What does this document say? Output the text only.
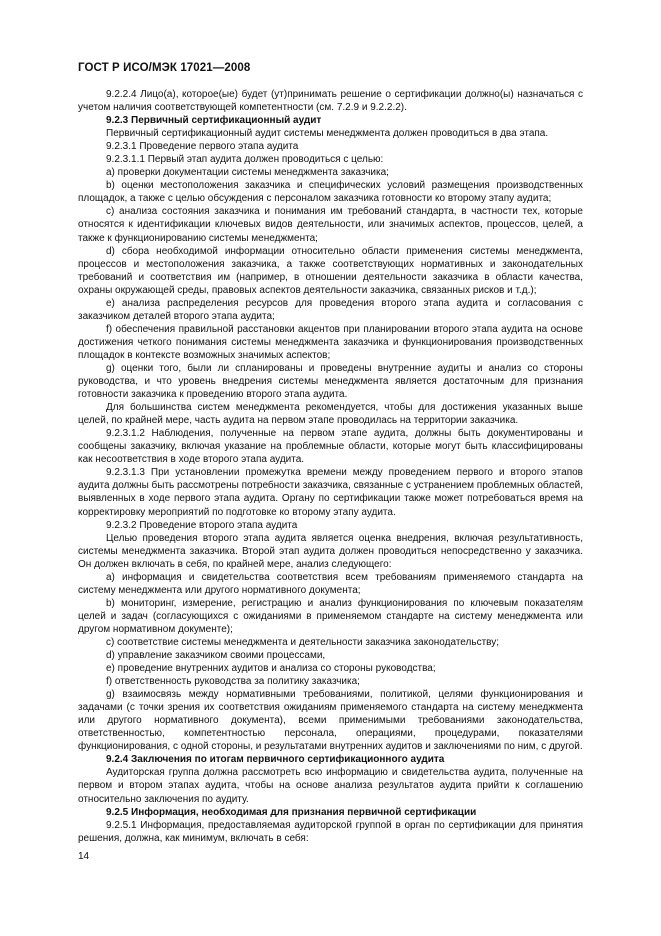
ГОСТ Р ИСО/МЭК 17021—2008

9.2.2.4 Лицо(а), которое(ые) будет (ут)принимать решение о сертификации должно(ы) назначаться с учетом наличия соответствующей компетентности (см. 7.2.9 и 9.2.2.2).

9.2.3 Первичный сертификационный аудит

Первичный сертификационный аудит системы менеджмента должен проводиться в два этапа.

9.2.3.1 Проведение первого этапа аудита

9.2.3.1.1 Первый этап аудита должен проводиться с целью:

a) проверки документации системы менеджмента заказчика;

b) оценки местоположения заказчика и специфических условий размещения производственных площадок, а также с целью обсуждения с персоналом заказчика готовности ко второму этапу аудита;

c) анализа состояния заказчика и понимания им требований стандарта, в частности тех, которые относятся к идентификации ключевых видов деятельности, или значимых аспектов, процессов, целей, а также к функционированию системы менеджмента;

d) сбора необходимой информации относительно области применения системы менеджмента, процессов и местоположения заказчика, а также соответствующих нормативных и законодательных требований и соответствия им (например, в отношении деятельности заказчика в области качества, охраны окружающей среды, правовых аспектов деятельности заказчика, связанных рисков и т.д.);

e) анализа распределения ресурсов для проведения второго этапа аудита и согласования с заказчиком деталей второго этапа аудита;

f) обеспечения правильной расстановки акцентов при планировании второго этапа аудита на основе достижения четкого понимания системы менеджмента заказчика и функционирования производственных площадок в контексте возможных значимых аспектов;

g) оценки того, были ли спланированы и проведены внутренние аудиты и анализ со стороны руководства, и что уровень внедрения системы менеджмента является достаточным для признания готовности заказчика к проведению второго этапа аудита.

Для большинства систем менеджмента рекомендуется, чтобы для достижения указанных выше целей, по крайней мере, часть аудита на первом этапе проводилась на территории заказчика.

9.2.3.1.2 Наблюдения, полученные на первом этапе аудита, должны быть документированы и сообщены заказчику, включая указание на проблемные области, которые могут быть классифицированы как несоответствия в ходе второго этапа аудита.

9.2.3.1.3 При установлении промежутка времени между проведением первого и второго этапов аудита должны быть рассмотрены потребности заказчика, связанные с устранением проблемных областей, выявленных в ходе первого этапа аудита. Органу по сертификации также может потребоваться время на корректировку мероприятий по подготовке ко второму этапу аудита.

9.2.3.2 Проведение второго этапа аудита

Целью проведения второго этапа аудита является оценка внедрения, включая результативность, системы менеджмента заказчика. Второй этап аудита должен проводиться непосредственно у заказчика. Он должен включать в себя, по крайней мере, анализ следующего:

a) информация и свидетельства соответствия всем требованиям применяемого стандарта на систему менеджмента или другого нормативного документа;

b) мониторинг, измерение, регистрацию и анализ функционирования по ключевым показателям целей и задач (согласующихся с ожиданиями в применяемом стандарте на систему менеджмента или другом нормативном документе);

c) соответствие системы менеджмента и деятельности заказчика законодательству;

d) управление заказчиком своими процессами,

e) проведение внутренних аудитов и анализа со стороны руководства;

f) ответственность руководства за политику заказчика;

g) взаимосвязь между нормативными требованиями, политикой, целями функционирования и задачами (с точки зрения их соответствия ожиданиям применяемого стандарта на систему менеджмента или другого нормативного документа), всеми применимыми требованиями законодательства, ответственностью, компетентностью персонала, операциями, процедурами, показателями функционирования, с одной стороны, и результатами внутренних аудитов и заключениями по ним, с другой.

9.2.4 Заключения по итогам первичного сертификационного аудита

Аудиторская группа должна рассмотреть всю информацию и свидетельства аудита, полученные на первом и втором этапах аудита, чтобы на основе анализа результатов аудита прийти к соглашению относительно заключения по аудиту.

9.2.5 Информация, необходимая для признания первичной сертификации

9.2.5.1 Информация, предоставляемая аудиторской группой в орган по сертификации для принятия решения, должна, как минимум, включать в себя:

14
